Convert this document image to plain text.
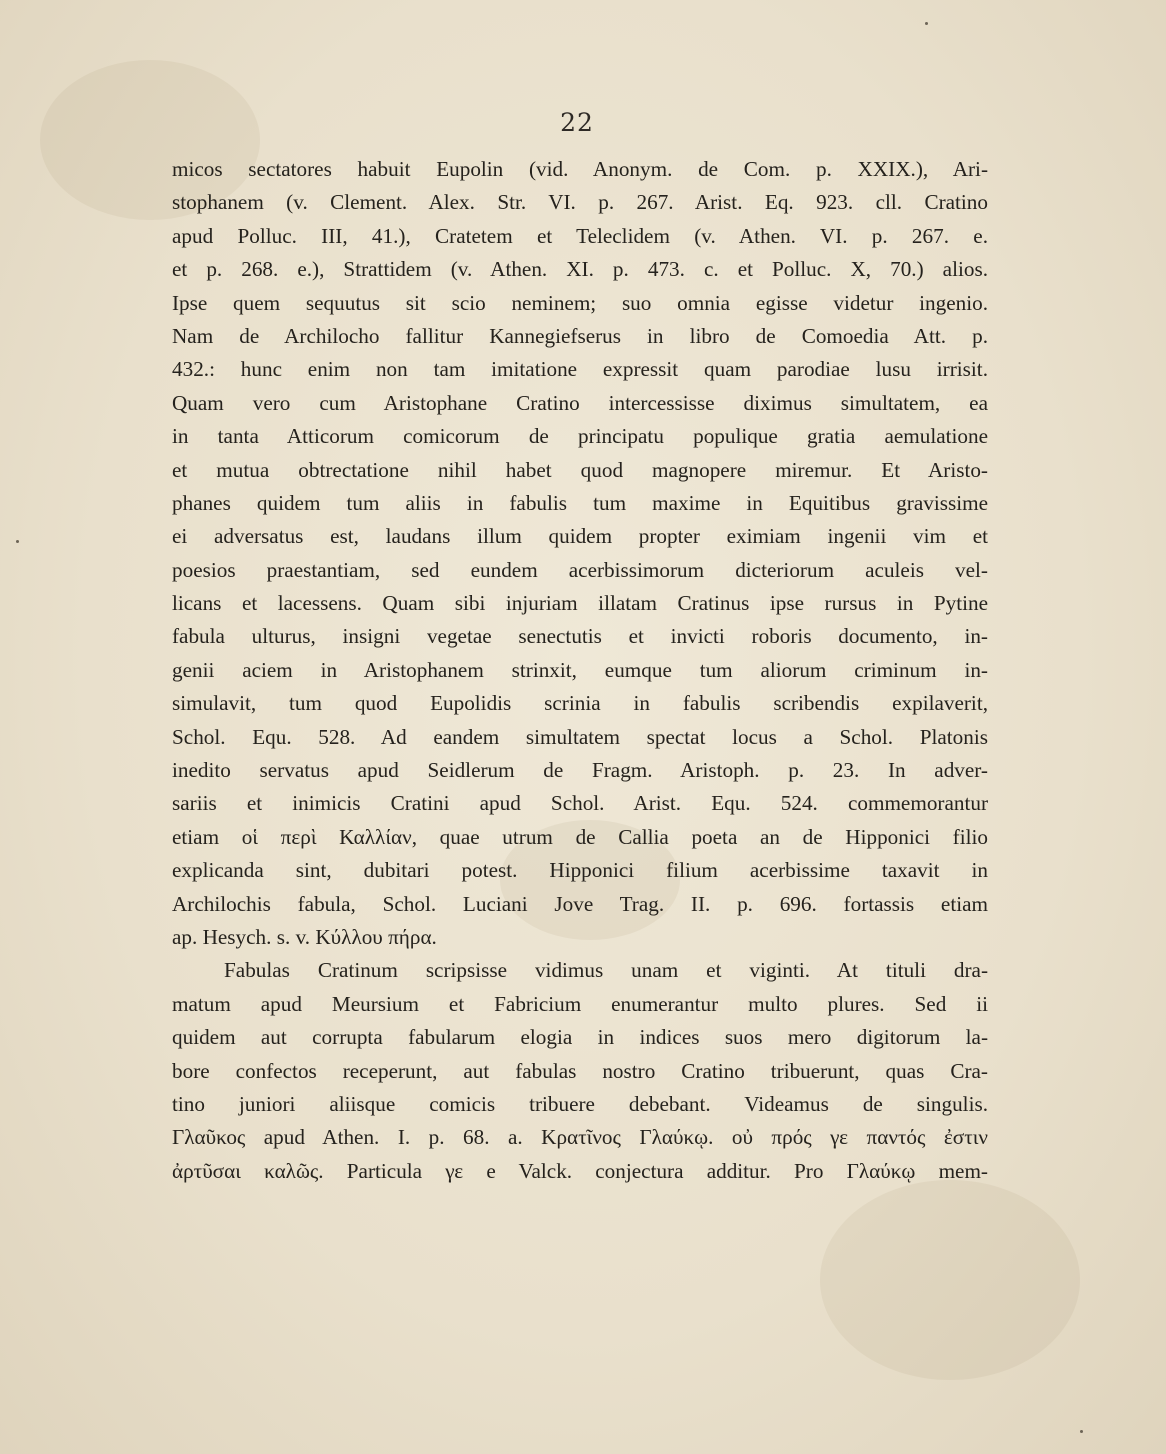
22
micos sectatores habuit Eupolin (vid. Anonym. de Com. p. XXIX.), Ari-
stophanem (v. Clement. Alex. Str. VI. p. 267. Arist. Eq. 923. cll. Cratino
apud Polluc. III, 41.), Cratetem et Teleclidem (v. Athen. VI. p. 267. e.
et p. 268. e.), Strattidem (v. Athen. XI. p. 473. c. et Polluc. X, 70.) alios.
Ipse quem sequutus sit scio neminem; suo omnia egisse videtur ingenio.
Nam de Archilocho fallitur Kannegiefserus in libro de Comoedia Att. p.
432.: hunc enim non tam imitatione expressit quam parodiae lusu irrisit.
Quam vero cum Aristophane Cratino intercessisse diximus simultatem, ea
in tanta Atticorum comicorum de principatu populique gratia aemulatione
et mutua obtrectatione nihil habet quod magnopere miremur. Et Aristo-
phanes quidem tum aliis in fabulis tum maxime in Equitibus gravissime
ei adversatus est, laudans illum quidem propter eximiam ingenii vim et
poesios praestantiam, sed eundem acerbissimorum dicteriorum aculeis vel-
licans et lacessens. Quam sibi injuriam illatam Cratinus ipse rursus in Pytine
fabula ulturus, insigni vegetae senectutis et invicti roboris documento, in-
genii aciem in Aristophanem strinxit, eumque tum aliorum criminum in-
simulavit, tum quod Eupolidis scrinia in fabulis scribendis expilaverit,
Schol. Equ. 528. Ad eandem simultatem spectat locus a Schol. Platonis
inedito servatus apud Seidlerum de Fragm. Aristoph. p. 23. In adver-
sariis et inimicis Cratini apud Schol. Arist. Equ. 524. commemorantur
etiam οἱ περὶ Καλλίαν, quae utrum de Callia poeta an de Hipponici filio
explicanda sint, dubitari potest. Hipponici filium acerbissime taxavit in
Archilochis fabula, Schol. Luciani Jove Trag. II. p. 696. fortassis etiam
ap. Hesych. s. v. Κύλλου πήρα.
Fabulas Cratinum scripsisse vidimus unam et viginti. At tituli dra-
matum apud Meursium et Fabricium enumerantur multo plures. Sed ii
quidem aut corrupta fabularum elogia in indices suos mero digitorum la-
bore confectos receperunt, aut fabulas nostro Cratino tribuerunt, quas Cra-
tino juniori aliisque comicis tribuere debebant. Videamus de singulis.
Γλαῦκος apud Athen. I. p. 68. a. Κρατῖνος Γλαύκῳ. οὐ πρός γε παντός ἐστιν
ἀρτῦσαι καλῶς. Particula γε e Valck. conjectura additur. Pro Γλαύκῳ mem-
